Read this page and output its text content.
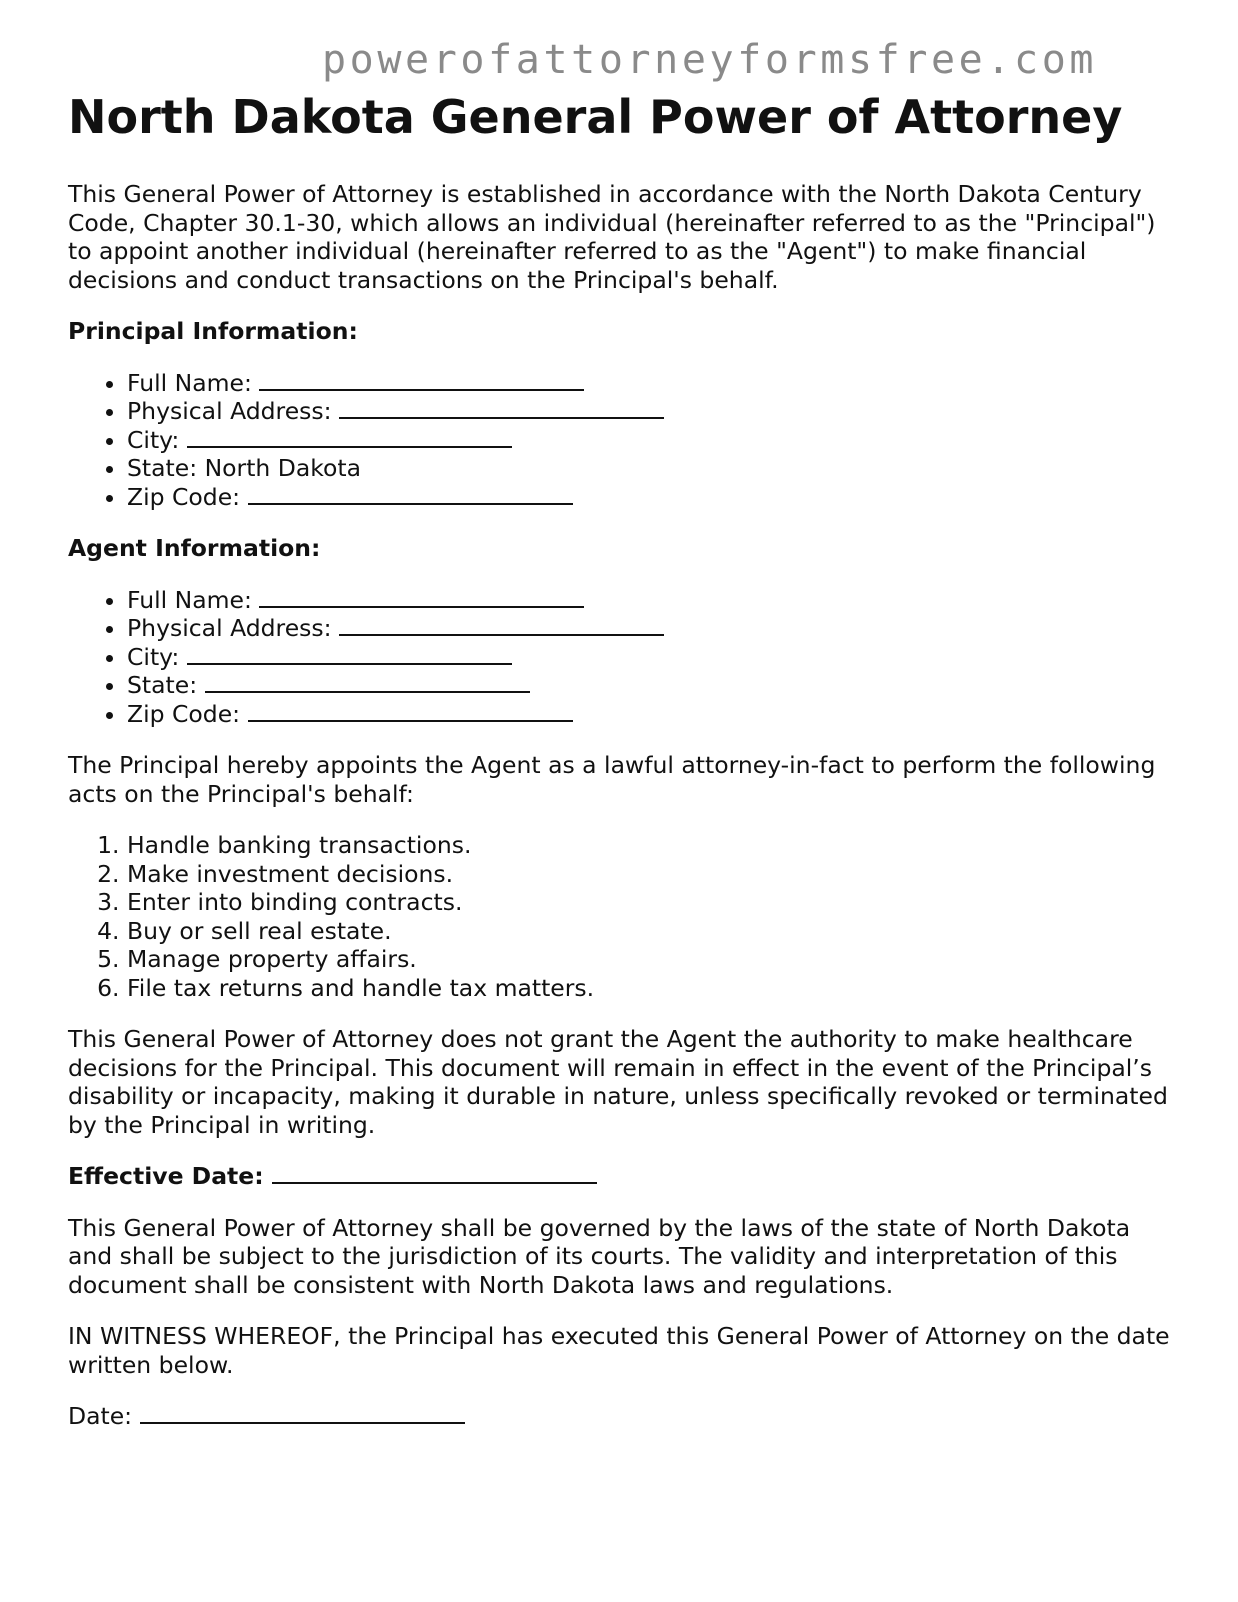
powerofattorneyformsfree.com
North Dakota General Power of Attorney

This General Power of Attorney is established in accordance with the North Dakota Century Code, Chapter 30.1-30, which allows an individual (hereinafter referred to as the "Principal") to appoint another individual (hereinafter referred to as the "Agent") to make financial decisions and conduct transactions on the Principal's behalf.

Principal Information:
• Full Name:
• Physical Address:
• City:
• State: North Dakota
• Zip Code:
Agent Information:
• Full Name:
• Physical Address:
• City:
• State:
• Zip Code:

The Principal hereby appoints the Agent as a lawful attorney-in-fact to perform the following acts on the Principal's behalf:

1. Handle banking transactions.
2. Make investment decisions.
3. Enter into binding contracts.
4. Buy or sell real estate.
5. Manage property affairs.
6. File tax returns and handle tax matters.

This General Power of Attorney does not grant the Agent the authority to make healthcare decisions for the Principal. This document will remain in effect in the event of the Principal’s disability or incapacity, making it durable in nature, unless specifically revoked or terminated by the Principal in writing.

Effective Date:

This General Power of Attorney shall be governed by the laws of the state of North Dakota and shall be subject to the jurisdiction of its courts. The validity and interpretation of this document shall be consistent with North Dakota laws and regulations.

IN WITNESS WHEREOF, the Principal has executed this General Power of Attorney on the date written below.

Date:
